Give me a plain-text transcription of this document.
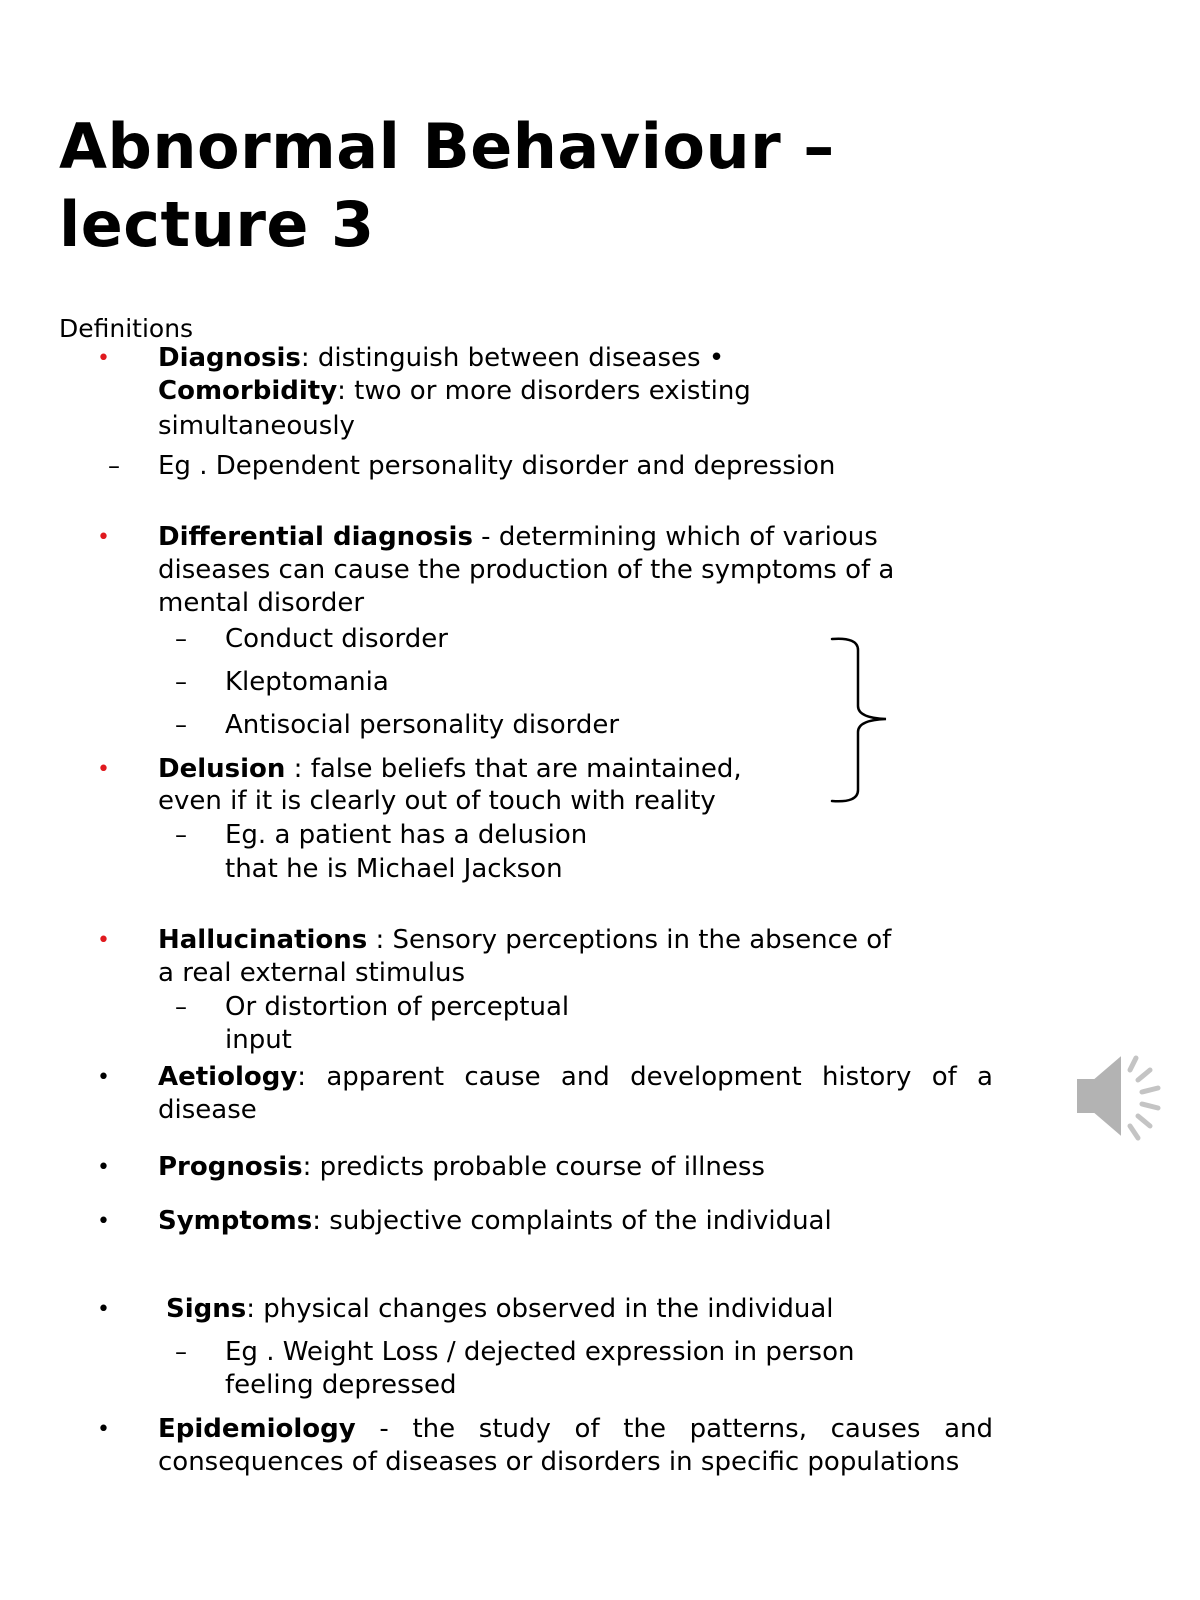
Abnormal Behaviour –
lecture 3
Definitions
• Diagnosis: distinguish between diseases •
Comorbidity: two or more disorders existing
simultaneously
– Eg . Dependent personality disorder and depression
• Differential diagnosis - determining which of various
diseases can cause the production of the symptoms of a
mental disorder
– Conduct disorder
– Kleptomania
– Antisocial personality disorder
• Delusion : false beliefs that are maintained,
even if it is clearly out of touch with reality
– Eg. a patient has a delusion
that he is Michael Jackson
• Hallucinations : Sensory perceptions in the absence of
a real external stimulus
– Or distortion of perceptual
input
• Aetiology: apparent cause and development history of a
disease
• Prognosis: predicts probable course of illness
• Symptoms: subjective complaints of the individual
• Signs: physical changes observed in the individual
– Eg . Weight Loss / dejected expression in person
feeling depressed
• Epidemiology - the study of the patterns, causes and
consequences of diseases or disorders in specific populations
